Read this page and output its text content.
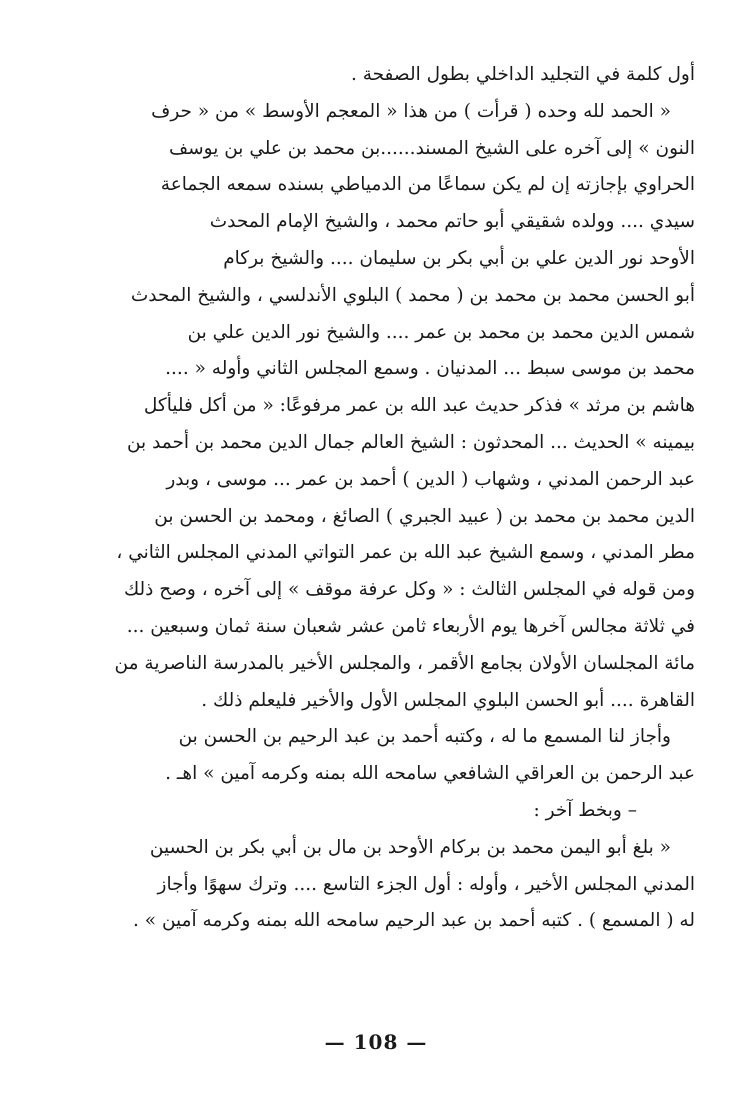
أول كلمة في التجليد الداخلي بطول الصفحة .
« الحمد لله وحده ( قرأت ) من هذا « المعجم الأوسط » من « حرف
النون » إلى آخره على الشيخ المسند......بن محمد بن علي بن يوسف
الحراوي بإجازته إن لم يكن سماعًا من الدمياطي بسنده سمعه الجماعة
سيدي .... وولده شقيقي أبو حاتم محمد ، والشيخ الإمام المحدث
الأوحد نور الدين علي بن أبي بكر بن سليمان .... والشيخ بركام
أبو الحسن محمد بن محمد بن ( محمد ) البلوي الأندلسي ، والشيخ المحدث
شمس الدين محمد بن محمد بن عمر .... والشيخ نور الدين علي بن
محمد بن موسى سبط ... المدنيان . وسمع المجلس الثاني وأوله « ....
هاشم بن مرثد » فذكر حديث عبد الله بن عمر مرفوعًا: « من أكل فليأكل
بيمينه » الحديث ... المحدثون : الشيخ العالم جمال الدين محمد بن أحمد بن
عبد الرحمن المدني ، وشهاب ( الدين ) أحمد بن عمر ... موسى ، وبدر
الدين محمد بن محمد بن ( عبيد الجبري ) الصائغ ، ومحمد بن الحسن بن
مطر المدني ، وسمع الشيخ عبد الله بن عمر التواتي المدني المجلس الثاني ،
ومن قوله في المجلس الثالث : « وكل عرفة موقف » إلى آخره ، وصح ذلك
في ثلاثة مجالس آخرها يوم الأربعاء ثامن عشر شعبان سنة ثمان وسبعين ...
مائة المجلسان الأولان بجامع الأقمر ، والمجلس الأخير بالمدرسة الناصرية من
القاهرة .... أبو الحسن البلوي المجلس الأول والأخير فليعلم ذلك .
وأجاز لنا المسمع ما له ، وكتبه أحمد بن عبد الرحيم بن الحسن بن
عبد الرحمن بن العراقي الشافعي سامحه الله بمنه وكرمه آمين » اهـ .
– وبخط آخر :
« بلغ أبو اليمن محمد بن بركام الأوحد بن مال بن أبي بكر بن الحسين
المدني المجلس الأخير ، وأوله : أول الجزء التاسع .... وترك سهوًا وأجاز
له ( المسمع ) . كتبه أحمد بن عبد الرحيم سامحه الله بمنه وكرمه آمين » .
— 108 —
